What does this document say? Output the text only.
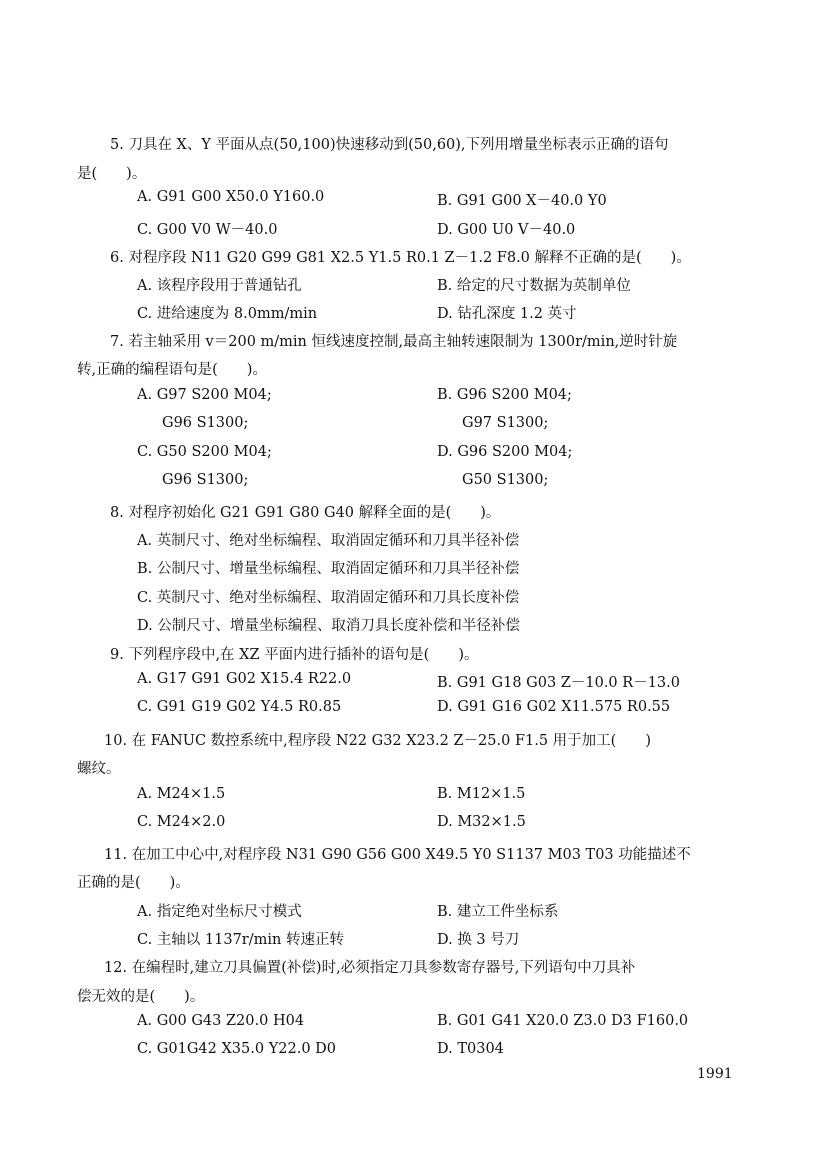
5. 刀具在 X、Y 平面从点(50,100)快速移动到(50,60),下列用增量坐标表示正确的语句
是(　　)。
A. G91 G00 X50.0 Y160.0	B. G91 G00 X－40.0 Y0
C. G00 V0 W－40.0	D. G00 U0 V－40.0
6. 对程序段 N11 G20 G99 G81 X2.5 Y1.5 R0.1 Z－1.2 F8.0 解释不正确的是(　　)。
A. 该程序段用于普通钻孔	B. 给定的尺寸数据为英制单位
C. 进给速度为 8.0mm/min	D. 钻孔深度 1.2 英寸
7. 若主轴采用 v＝200 m/min 恒线速度控制,最高主轴转速限制为 1300r/min,逆时针旋
转,正确的编程语句是(　　)。
A. G97 S200 M04;	B. G96 S200 M04;
G96 S1300;	G97 S1300;
C. G50 S200 M04;	D. G96 S200 M04;
G96 S1300;	G50 S1300;
8. 对程序初始化 G21 G91 G80 G40 解释全面的是(　　)。
A. 英制尺寸、绝对坐标编程、取消固定循环和刀具半径补偿
B. 公制尺寸、增量坐标编程、取消固定循环和刀具半径补偿
C. 英制尺寸、绝对坐标编程、取消固定循环和刀具长度补偿
D. 公制尺寸、增量坐标编程、取消刀具长度补偿和半径补偿
9. 下列程序段中,在 XZ 平面内进行插补的语句是(　　)。
A. G17 G91 G02 X15.4 R22.0	B. G91 G18 G03 Z－10.0 R－13.0
C. G91 G19 G02 Y4.5 R0.85	D. G91 G16 G02 X11.575 R0.55
10. 在 FANUC 数控系统中,程序段 N22 G32 X23.2 Z－25.0 F1.5 用于加工(　　)
螺纹。
A. M24×1.5	B. M12×1.5
C. M24×2.0	D. M32×1.5
11. 在加工中心中,对程序段 N31 G90 G56 G00 X49.5 Y0 S1137 M03 T03 功能描述不
正确的是(　　)。
A. 指定绝对坐标尺寸模式	B. 建立工件坐标系
C. 主轴以 1137r/min 转速正转	D. 换 3 号刀
12. 在编程时,建立刀具偏置(补偿)时,必须指定刀具参数寄存器号,下列语句中刀具补
偿无效的是(　　)。
A. G00 G43 Z20.0 H04	B. G01 G41 X20.0 Z3.0 D3 F160.0
C. G01G42 X35.0 Y22.0 D0	D. T0304
1991
